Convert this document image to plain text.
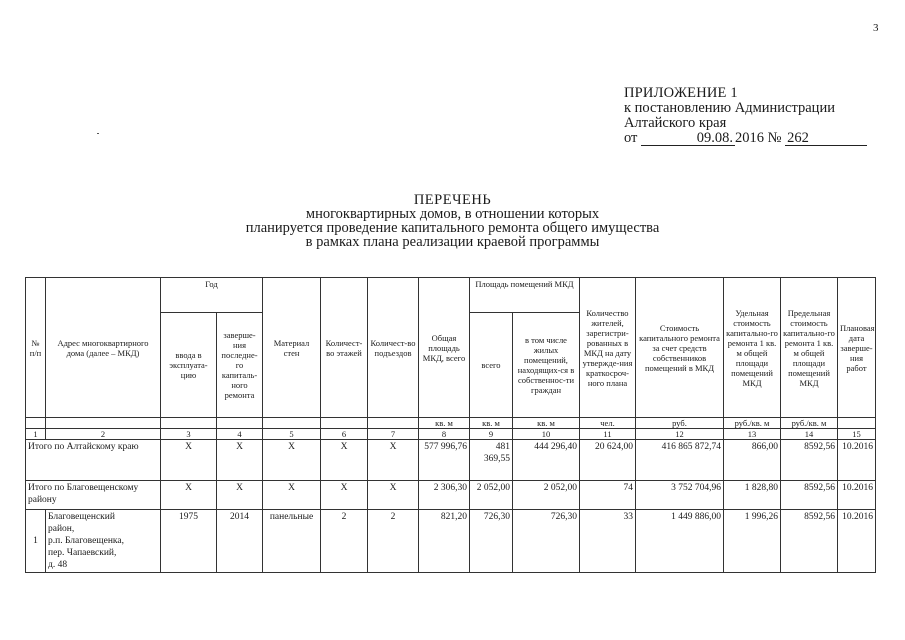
3
ПРИЛОЖЕНИЕ 1
к постановлению Администрации
Алтайского края
от	09.08. 2016 № 262
ПЕРЕЧЕНЬ
многоквартирных домов, в отношении которых
планируется проведение капитального ремонта общего имущества
в рамках плана реализации краевой программы
№ п/п	Адрес многоквартирного дома (далее – МКД)	Год		Материал стен	Количест-во этажей	Количест-во подъездов	Общая площадь МКД, всего	Площадь помещений МКД		Количество жителей, зарегистри-рованных в МКД на дату утвержде-ния краткосроч-ного плана	Стоимость капитального ремонта за счет средств собственников помещений в МКД	Удельная стоимость капитально-го ремонта 1 кв. м общей площади помещений МКД	Предельная стоимость капитально-го ремонта 1 кв. м общей площади помещений МКД	Плановая дата заверше-ния работ
		ввода в эксплуата-цию	заверше-ния последне-го капиталь-ного ремонта					всего	в том числе жилых помещений, находящих-ся в собственнос-ти граждан					
							кв. м	кв. м	кв. м	чел.	руб.	руб./кв. м	руб./кв. м	
1	2	3	4	5	6	7	8	9	10	11	12	13	14	15
Итого по Алтайскому краю		X	X	X	X	X	577 996,76	481 369,55	444 296,40	20 624,00	416 865 872,74	866,00	8592,56	10.2016
Итого по Благовещенскому району		X	X	X	X	X	2 306,30	2 052,00	2 052,00	74	3 752 704,96	1 828,80	8592,56	10.2016
1	Благовещенский
район,
р.п. Благовещенка,
пер. Чапаевский,
д. 48	1975	2014	панельные	2	2	821,20	726,30	726,30	33	1 449 886,00	1 996,26	8592,56	10.2016
